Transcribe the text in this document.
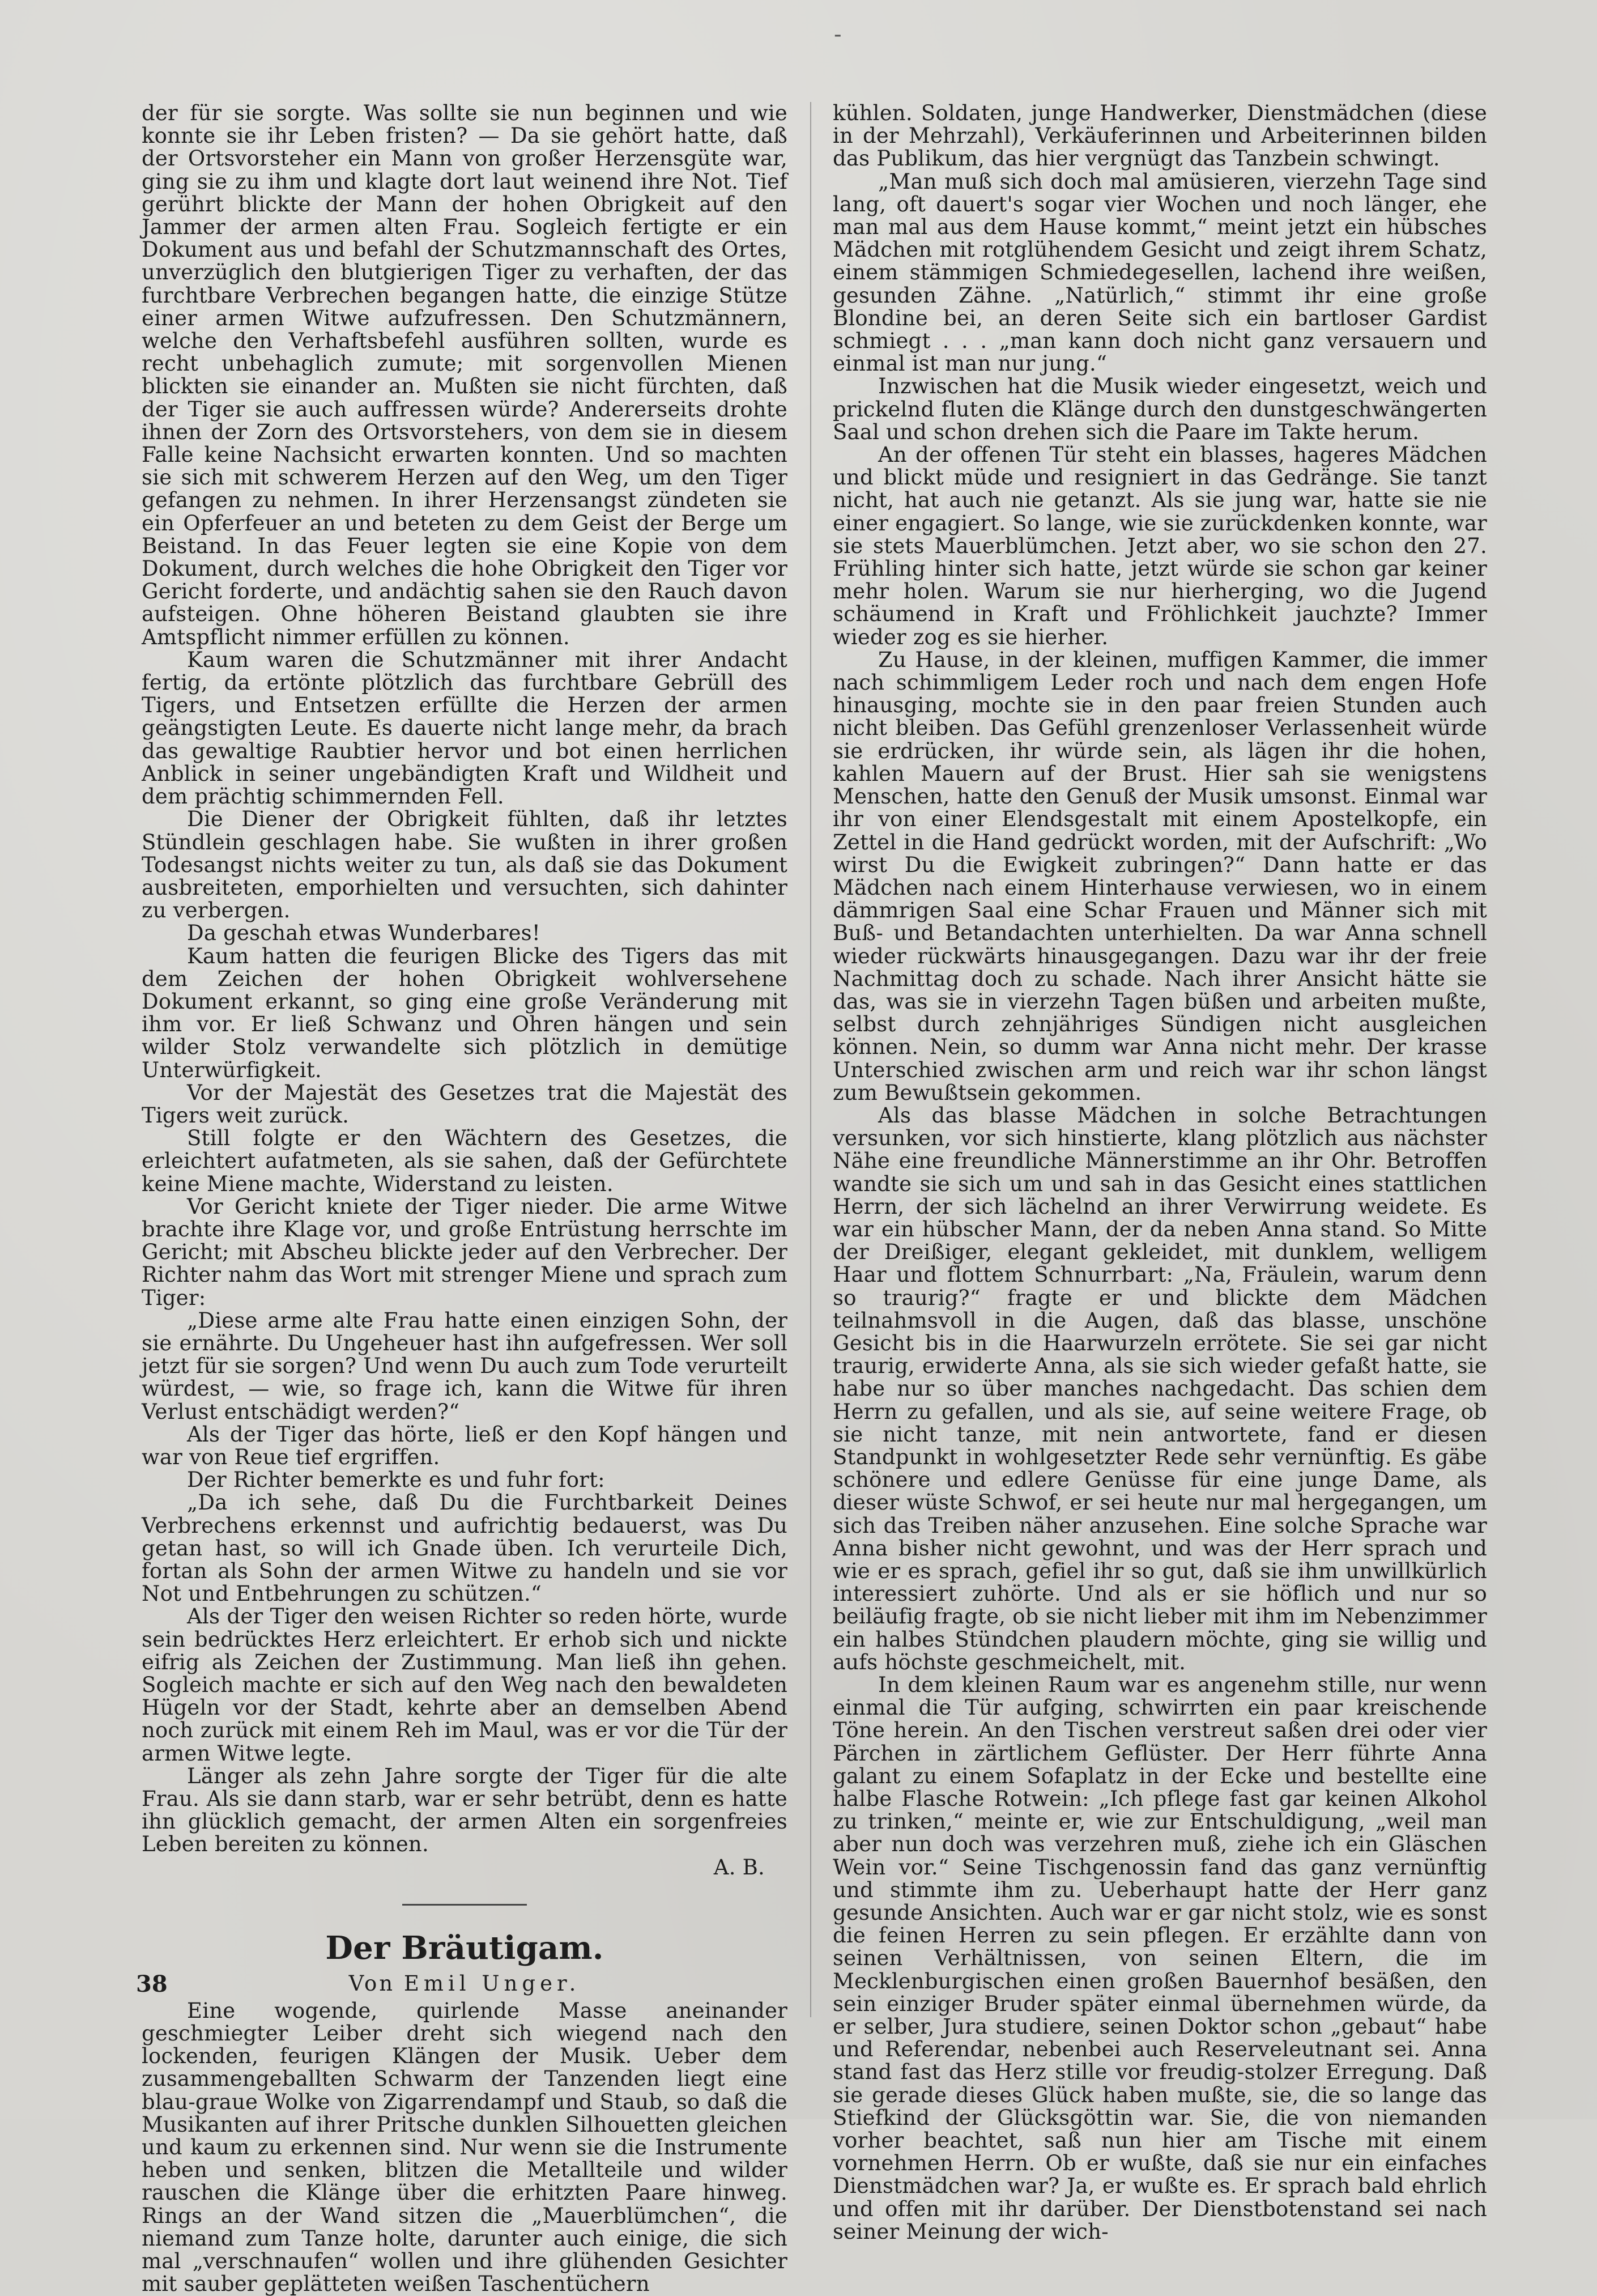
-

der für sie sorgte. Was sollte sie nun beginnen und wie konnte sie ihr Leben fristen? — Da sie gehört hatte, daß der Ortsvorsteher ein Mann von großer Herzensgüte war, ging sie zu ihm und klagte dort laut weinend ihre Not. Tief gerührt blickte der Mann der hohen Obrigkeit auf den Jammer der armen alten Frau. Sogleich fertigte er ein Dokument aus und befahl der Schutzmannschaft des Ortes, unverzüglich den blutgierigen Tiger zu verhaften, der das furchtbare Verbrechen begangen hatte, die einzige Stütze einer armen Witwe aufzufressen. Den Schutzmännern, welche den Verhaftsbefehl ausführen sollten, wurde es recht unbehaglich zumute; mit sorgenvollen Mienen blickten sie einander an. Mußten sie nicht fürchten, daß der Tiger sie auch auffressen würde? Andererseits drohte ihnen der Zorn des Ortsvorstehers, von dem sie in diesem Falle keine Nachsicht erwarten konnten. Und so machten sie sich mit schwerem Herzen auf den Weg, um den Tiger gefangen zu nehmen. In ihrer Herzensangst zündeten sie ein Opferfeuer an und beteten zu dem Geist der Berge um Beistand. In das Feuer legten sie eine Kopie von dem Dokument, durch welches die hohe Obrigkeit den Tiger vor Gericht forderte, und andächtig sahen sie den Rauch davon aufsteigen. Ohne höheren Beistand glaubten sie ihre Amtspflicht nimmer erfüllen zu können.

Kaum waren die Schutzmänner mit ihrer Andacht fertig, da ertönte plötzlich das furchtbare Gebrüll des Tigers, und Entsetzen erfüllte die Herzen der armen geängstigten Leute. Es dauerte nicht lange mehr, da brach das gewaltige Raubtier hervor und bot einen herrlichen Anblick in seiner ungebändigten Kraft und Wildheit und dem prächtig schimmernden Fell.

Die Diener der Obrigkeit fühlten, daß ihr letztes Stündlein geschlagen habe. Sie wußten in ihrer großen Todesangst nichts weiter zu tun, als daß sie das Dokument ausbreiteten, emporhielten und versuchten, sich dahinter zu verbergen.

Da geschah etwas Wunderbares!

Kaum hatten die feurigen Blicke des Tigers das mit dem Zeichen der hohen Obrigkeit wohlversehene Dokument erkannt, so ging eine große Veränderung mit ihm vor. Er ließ Schwanz und Ohren hängen und sein wilder Stolz verwandelte sich plötzlich in demütige Unterwürfigkeit.

Vor der Majestät des Gesetzes trat die Majestät des Tigers weit zurück.

Still folgte er den Wächtern des Gesetzes, die erleichtert aufatmeten, als sie sahen, daß der Gefürchtete keine Miene machte, Widerstand zu leisten.

Vor Gericht kniete der Tiger nieder. Die arme Witwe brachte ihre Klage vor, und große Entrüstung herrschte im Gericht; mit Abscheu blickte jeder auf den Verbrecher. Der Richter nahm das Wort mit strenger Miene und sprach zum Tiger:

„Diese arme alte Frau hatte einen einzigen Sohn, der sie ernährte. Du Ungeheuer hast ihn aufgefressen. Wer soll jetzt für sie sorgen? Und wenn Du auch zum Tode verurteilt würdest, — wie, so frage ich, kann die Witwe für ihren Verlust entschädigt werden?“

Als der Tiger das hörte, ließ er den Kopf hängen und war von Reue tief ergriffen.

Der Richter bemerkte es und fuhr fort:

„Da ich sehe, daß Du die Furchtbarkeit Deines Verbrechens erkennst und aufrichtig bedauerst, was Du getan hast, so will ich Gnade üben. Ich verurteile Dich, fortan als Sohn der armen Witwe zu handeln und sie vor Not und Entbehrungen zu schützen.“

Als der Tiger den weisen Richter so reden hörte, wurde sein bedrücktes Herz erleichtert. Er erhob sich und nickte eifrig als Zeichen der Zustimmung. Man ließ ihn gehen. Sogleich machte er sich auf den Weg nach den bewaldeten Hügeln vor der Stadt, kehrte aber an demselben Abend noch zurück mit einem Reh im Maul, was er vor die Tür der armen Witwe legte.

Länger als zehn Jahre sorgte der Tiger für die alte Frau. Als sie dann starb, war er sehr betrübt, denn es hatte ihn glücklich gemacht, der armen Alten ein sorgenfreies Leben bereiten zu können.

A. B.

Der Bräutigam.

Von Emil Unger.

Eine wogende, quirlende Masse aneinander geschmiegter Leiber dreht sich wiegend nach den lockenden, feurigen Klängen der Musik. Ueber dem zusammengeballten Schwarm der Tanzenden liegt eine blau-graue Wolke von Zigarrendampf und Staub, so daß die Musikanten auf ihrer Pritsche dunklen Silhouetten gleichen und kaum zu erkennen sind. Nur wenn sie die Instrumente heben und senken, blitzen die Metallteile und wilder rauschen die Klänge über die erhitzten Paare hinweg. Rings an der Wand sitzen die „Mauerblümchen“, die niemand zum Tanze holte, darunter auch einige, die sich mal „verschnaufen“ wollen und ihre glühenden Gesichter mit sauber geplätteten weißen Taschentüchern

kühlen. Soldaten, junge Handwerker, Dienstmädchen (diese in der Mehrzahl), Verkäuferinnen und Arbeiterinnen bilden das Publikum, das hier vergnügt das Tanzbein schwingt.

„Man muß sich doch mal amüsieren, vierzehn Tage sind lang, oft dauert's sogar vier Wochen und noch länger, ehe man mal aus dem Hause kommt,“ meint jetzt ein hübsches Mädchen mit rotglühendem Gesicht und zeigt ihrem Schatz, einem stämmigen Schmiedegesellen, lachend ihre weißen, gesunden Zähne. „Natürlich,“ stimmt ihr eine große Blondine bei, an deren Seite sich ein bartloser Gardist schmiegt . . . „man kann doch nicht ganz versauern und einmal ist man nur jung.“

Inzwischen hat die Musik wieder eingesetzt, weich und prickelnd fluten die Klänge durch den dunstgeschwängerten Saal und schon drehen sich die Paare im Takte herum.

An der offenen Tür steht ein blasses, hageres Mädchen und blickt müde und resigniert in das Gedränge. Sie tanzt nicht, hat auch nie getanzt. Als sie jung war, hatte sie nie einer engagiert. So lange, wie sie zurückdenken konnte, war sie stets Mauerblümchen. Jetzt aber, wo sie schon den 27. Frühling hinter sich hatte, jetzt würde sie schon gar keiner mehr holen. Warum sie nur hierherging, wo die Jugend schäumend in Kraft und Fröhlichkeit jauchzte? Immer wieder zog es sie hierher.

Zu Hause, in der kleinen, muffigen Kammer, die immer nach schimmligem Leder roch und nach dem engen Hofe hinausging, mochte sie in den paar freien Stunden auch nicht bleiben. Das Gefühl grenzenloser Verlassenheit würde sie erdrücken, ihr würde sein, als lägen ihr die hohen, kahlen Mauern auf der Brust. Hier sah sie wenigstens Menschen, hatte den Genuß der Musik umsonst. Einmal war ihr von einer Elendsgestalt mit einem Apostelkopfe, ein Zettel in die Hand gedrückt worden, mit der Aufschrift: „Wo wirst Du die Ewigkeit zubringen?“ Dann hatte er das Mädchen nach einem Hinterhause verwiesen, wo in einem dämmrigen Saal eine Schar Frauen und Männer sich mit Buß- und Betandachten unterhielten. Da war Anna schnell wieder rückwärts hinausgegangen. Dazu war ihr der freie Nachmittag doch zu schade. Nach ihrer Ansicht hätte sie das, was sie in vierzehn Tagen büßen und arbeiten mußte, selbst durch zehnjähriges Sündigen nicht ausgleichen können. Nein, so dumm war Anna nicht mehr. Der krasse Unterschied zwischen arm und reich war ihr schon längst zum Bewußtsein gekommen.

Als das blasse Mädchen in solche Betrachtungen versunken, vor sich hinstierte, klang plötzlich aus nächster Nähe eine freundliche Männerstimme an ihr Ohr. Betroffen wandte sie sich um und sah in das Gesicht eines stattlichen Herrn, der sich lächelnd an ihrer Verwirrung weidete. Es war ein hübscher Mann, der da neben Anna stand. So Mitte der Dreißiger, elegant gekleidet, mit dunklem, welligem Haar und flottem Schnurrbart: „Na, Fräulein, warum denn so traurig?“ fragte er und blickte dem Mädchen teilnahmsvoll in die Augen, daß das blasse, unschöne Gesicht bis in die Haarwurzeln errötete. Sie sei gar nicht traurig, erwiderte Anna, als sie sich wieder gefaßt hatte, sie habe nur so über manches nachgedacht. Das schien dem Herrn zu gefallen, und als sie, auf seine weitere Frage, ob sie nicht tanze, mit nein antwortete, fand er diesen Standpunkt in wohlgesetzter Rede sehr vernünftig. Es gäbe schönere und edlere Genüsse für eine junge Dame, als dieser wüste Schwof, er sei heute nur mal hergegangen, um sich das Treiben näher anzusehen. Eine solche Sprache war Anna bisher nicht gewohnt, und was der Herr sprach und wie er es sprach, gefiel ihr so gut, daß sie ihm unwillkürlich interessiert zuhörte. Und als er sie höflich und nur so beiläufig fragte, ob sie nicht lieber mit ihm im Nebenzimmer ein halbes Stündchen plaudern möchte, ging sie willig und aufs höchste geschmeichelt, mit.

In dem kleinen Raum war es angenehm stille, nur wenn einmal die Tür aufging, schwirrten ein paar kreischende Töne herein. An den Tischen verstreut saßen drei oder vier Pärchen in zärtlichem Geflüster. Der Herr führte Anna galant zu einem Sofaplatz in der Ecke und bestellte eine halbe Flasche Rotwein: „Ich pflege fast gar keinen Alkohol zu trinken,“ meinte er, wie zur Entschuldigung, „weil man aber nun doch was verzehren muß, ziehe ich ein Gläschen Wein vor.“ Seine Tischgenossin fand das ganz vernünftig und stimmte ihm zu. Ueberhaupt hatte der Herr ganz gesunde Ansichten. Auch war er gar nicht stolz, wie es sonst die feinen Herren zu sein pflegen. Er erzählte dann von seinen Verhältnissen, von seinen Eltern, die im Mecklenburgischen einen großen Bauernhof besäßen, den sein einziger Bruder später einmal übernehmen würde, da er selber, Jura studiere, seinen Doktor schon „gebaut“ habe und Referendar, nebenbei auch Reserveleutnant sei. Anna stand fast das Herz stille vor freudig-stolzer Erregung. Daß sie gerade dieses Glück haben mußte, sie, die so lange das Stiefkind der Glücksgöttin war. Sie, die von niemanden vorher beachtet, saß nun hier am Tische mit einem vornehmen Herrn. Ob er wußte, daß sie nur ein einfaches Dienstmädchen war? Ja, er wußte es. Er sprach bald ehrlich und offen mit ihr darüber. Der Dienstbotenstand sei nach seiner Meinung der wich-

38
